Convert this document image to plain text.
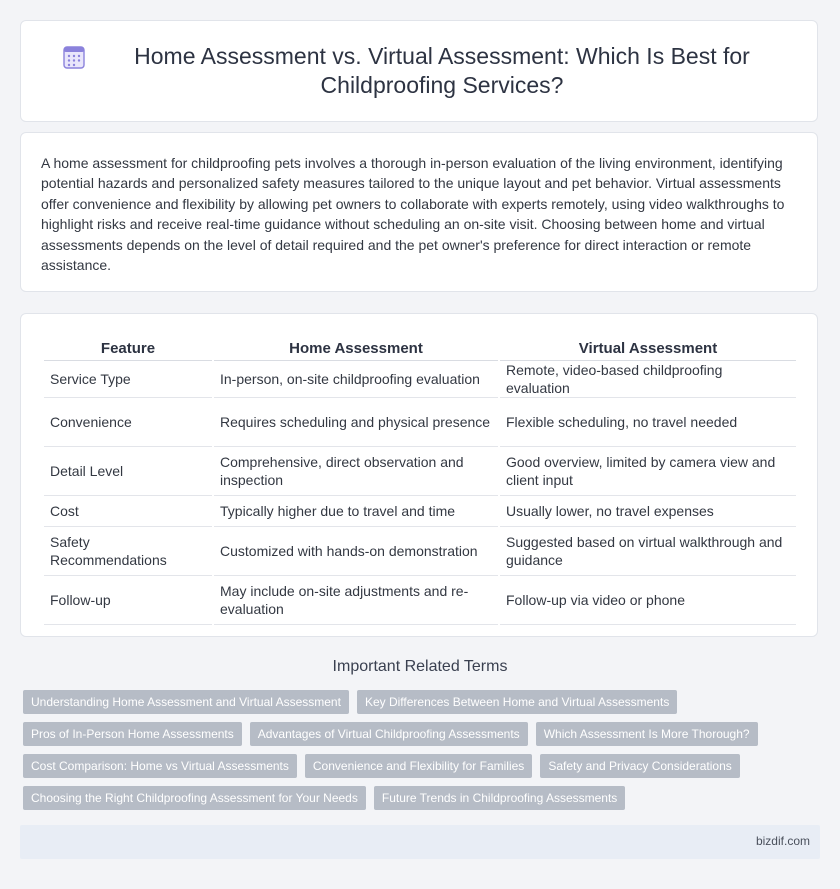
Home Assessment vs. Virtual Assessment: Which Is Best for Childproofing Services?

A home assessment for childproofing pets involves a thorough in-person evaluation of the living environment, identifying potential hazards and personalized safety measures tailored to the unique layout and pet behavior. Virtual assessments offer convenience and flexibility by allowing pet owners to collaborate with experts remotely, using video walkthroughs to highlight risks and receive real-time guidance without scheduling an on-site visit. Choosing between home and virtual assessments depends on the level of detail required and the pet owner's preference for direct interaction or remote assistance.

Feature	Home Assessment	Virtual Assessment
Service Type	In-person, on-site childproofing evaluation	Remote, video-based childproofing evaluation
Convenience	Requires scheduling and physical presence	Flexible scheduling, no travel needed
Detail Level	Comprehensive, direct observation and inspection	Good overview, limited by camera view and client input
Cost	Typically higher due to travel and time	Usually lower, no travel expenses
Safety Recommendations	Customized with hands-on demonstration	Suggested based on virtual walkthrough and guidance
Follow-up	May include on-site adjustments and re-evaluation	Follow-up via video or phone
Important Related Terms
Understanding Home Assessment and Virtual Assessment	Key Differences Between Home and Virtual Assessments
Pros of In-Person Home Assessments	Advantages of Virtual Childproofing Assessments	Which Assessment Is More Thorough?
Cost Comparison: Home vs Virtual Assessments	Convenience and Flexibility for Families	Safety and Privacy Considerations
Choosing the Right Childproofing Assessment for Your Needs	Future Trends in Childproofing Assessments
bizdif.com
